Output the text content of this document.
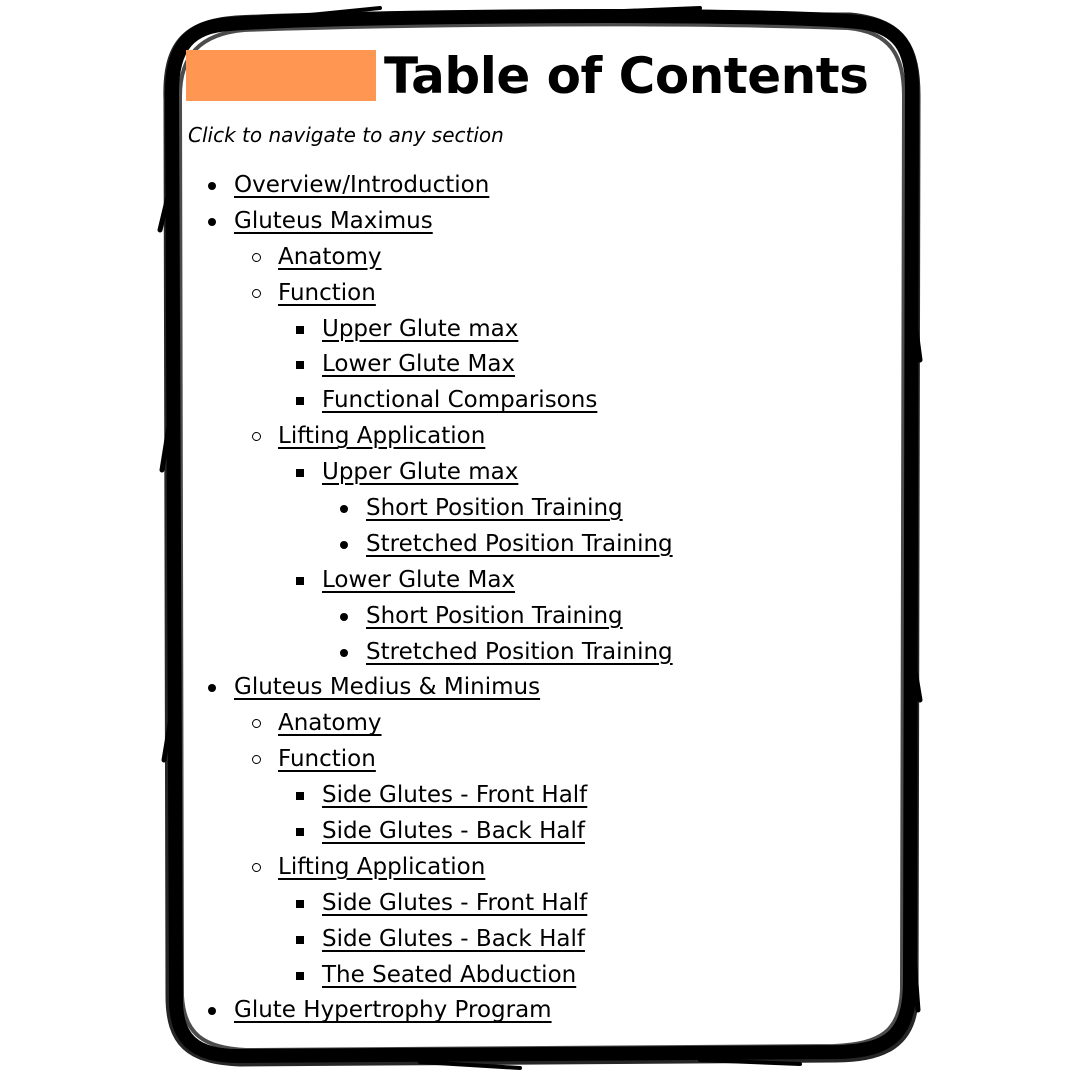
Table of Contents

Click to navigate to any section

Overview/Introduction
Gluteus Maximus
Anatomy
Function
Upper Glute max
Lower Glute Max
Functional Comparisons
Lifting Application
Upper Glute max
Short Position Training
Stretched Position Training
Lower Glute Max
Short Position Training
Stretched Position Training
Gluteus Medius & Minimus
Anatomy
Function
Side Glutes - Front Half
Side Glutes - Back Half
Lifting Application
Side Glutes - Front Half
Side Glutes - Back Half
The Seated Abduction
Glute Hypertrophy Program
